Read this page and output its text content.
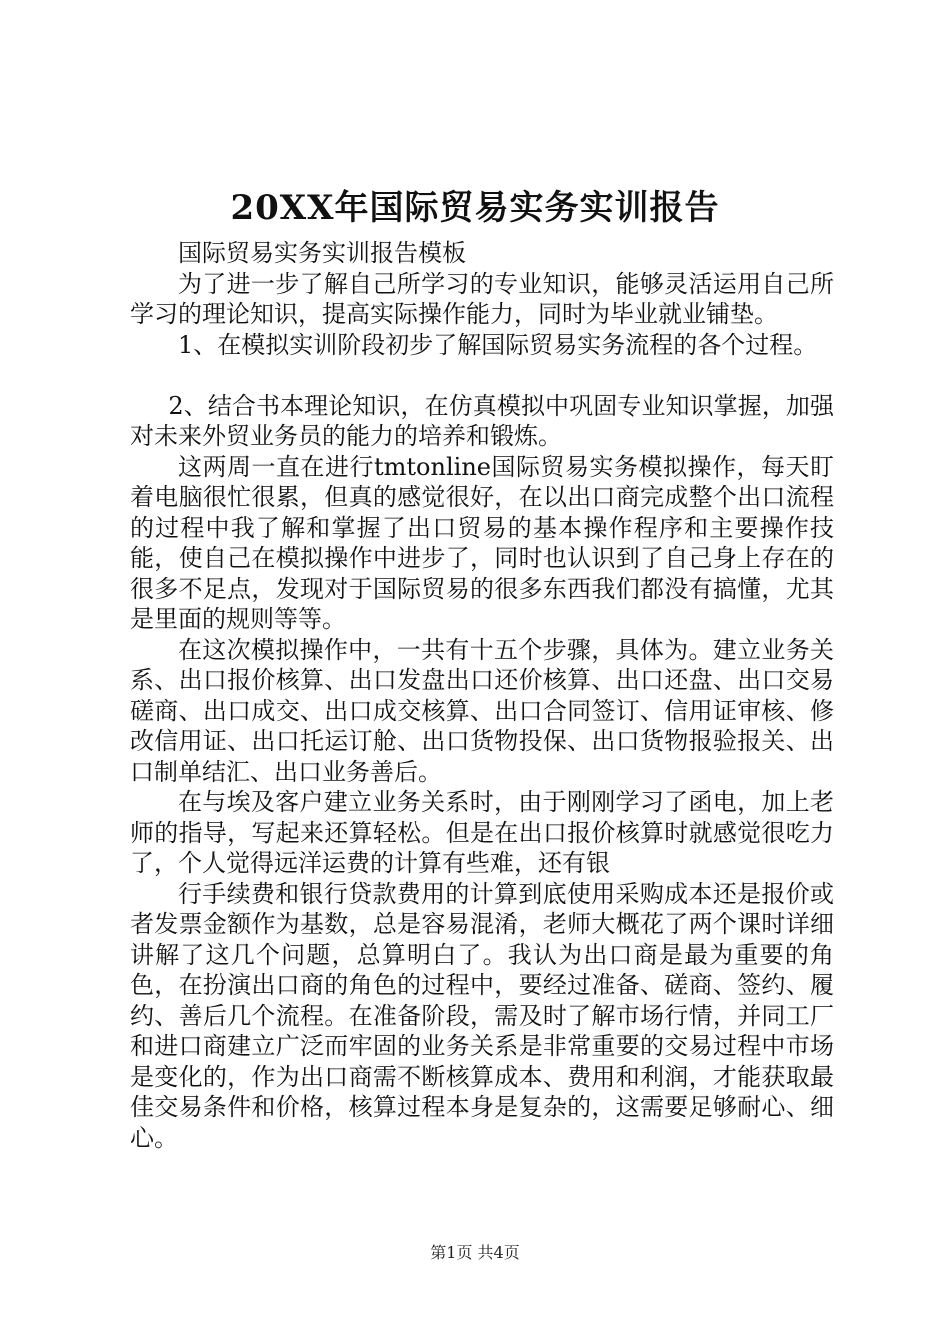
20XX年国际贸易实务实训报告

国际贸易实务实训报告模板

为了进一步了解自己所学习的专业知识，能够灵活运用自己所学习的理论知识，提高实际操作能力，同时为毕业就业铺垫。

1、在模拟实训阶段初步了解国际贸易实务流程的各个过程。

2、结合书本理论知识，在仿真模拟中巩固专业知识掌握，加强对未来外贸业务员的能力的培养和锻炼。

这两周一直在进行tmtonline国际贸易实务模拟操作，每天盯着电脑很忙很累，但真的感觉很好，在以出口商完成整个出口流程的过程中我了解和掌握了出口贸易的基本操作程序和主要操作技能，使自己在模拟操作中进步了，同时也认识到了自己身上存在的很多不足点，发现对于国际贸易的很多东西我们都没有搞懂，尤其是里面的规则等等。

在这次模拟操作中，一共有十五个步骤，具体为。建立业务关系、出口报价核算、出口发盘出口还价核算、出口还盘、出口交易磋商、出口成交、出口成交核算、出口合同签订、信用证审核、修改信用证、出口托运订舱、出口货物投保、出口货物报验报关、出口制单结汇、出口业务善后。

在与埃及客户建立业务关系时，由于刚刚学习了函电，加上老师的指导，写起来还算轻松。但是在出口报价核算时就感觉很吃力了，个人觉得远洋运费的计算有些难，还有银

行手续费和银行贷款费用的计算到底使用采购成本还是报价或者发票金额作为基数，总是容易混淆，老师大概花了两个课时详细讲解了这几个问题，总算明白了。我认为出口商是最为重要的角色，在扮演出口商的角色的过程中，要经过准备、磋商、签约、履约、善后几个流程。在准备阶段，需及时了解市场行情，并同工厂和进口商建立广泛而牢固的业务关系是非常重要的交易过程中市场是变化的，作为出口商需不断核算成本、费用和利润，才能获取最佳交易条件和价格，核算过程本身是复杂的，这需要足够耐心、细心。

第1页 共4页
